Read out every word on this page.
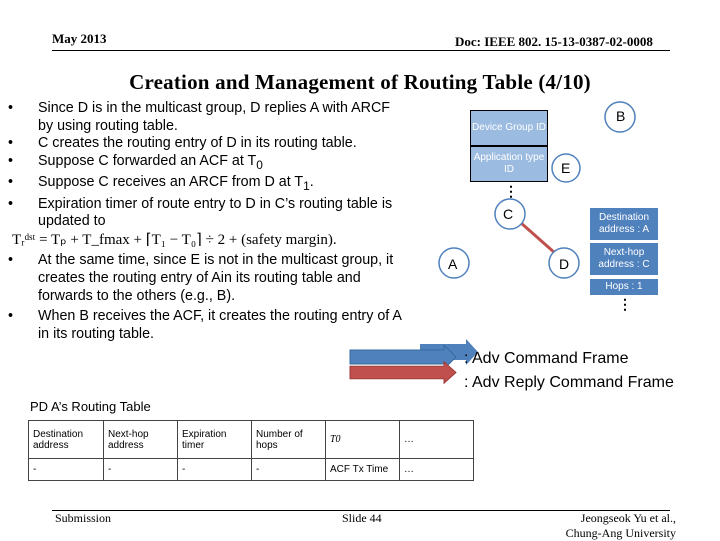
May 2013	Doc: IEEE 802. 15-13-0387-02-0008
Creation and Management of Routing Table (4/10)
• Since D is in the multicast group, D replies A with ARCF by using routing table.
• C creates the routing entry of D in its routing table.
• Suppose C forwarded an ACF at $T_0$
• Suppose C receives an ARCF from D at $T_1$.
• Expiration timer of route entry to D in C’s routing table is updated to
Tᵣᵈˢᵗ = Tₚ + T_fmax + ⌈T₁ − T₀⌉ ÷ 2 + (safety margin).
• At the same time, since E is not in the multicast group, it creates the routing entry of Ain its routing table and forwards to the others (e.g., B).
• When B receives the ACF, it creates the routing entry of A in its routing table.
C
A	D
E
B
Device Group ID
Application type ID
⋮
Destination address : A
Next-hop address : C
Hops : 1
⋮
: Adv Command Frame
: Adv Reply Command Frame
PD A’s Routing Table
Destination address	Next-hop address	Expiration timer	Number of hops	T0	…
-	-	-	-	ACF Tx Time	…
Submission	Slide 44	Jeongseok Yu et al.,
Chung-Ang University
